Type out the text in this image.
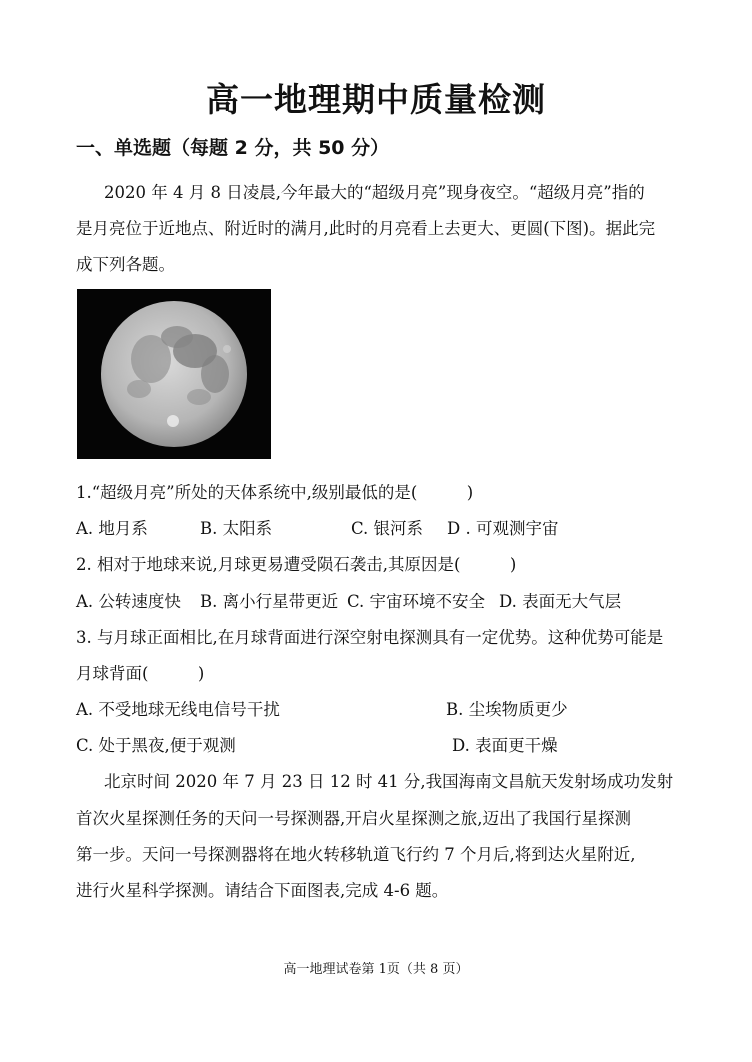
高一地理期中质量检测
一、单选题（每题 2 分，共 50 分）
2020 年 4 月 8 日凌晨,今年最大的“超级月亮”现身夜空。“超级月亮”指的
是月亮位于近地点、附近时的满月,此时的月亮看上去更大、更圆(下图)。据此完
成下列各题。
1.“超级月亮”所处的天体系统中,级别最低的是(　　　)
A. 地月系	B. 太阳系	C. 银河系 D . 可观测宇宙
2. 相对于地球来说,月球更易遭受陨石袭击,其原因是(　　　)
A. 公转速度快 B. 离小行星带更近 C. 宇宙环境不安全 D. 表面无大气层
3. 与月球正面相比,在月球背面进行深空射电探测具有一定优势。这种优势可能是
月球背面(　　　)
A. 不受地球无线电信号干扰	B. 尘埃物质更少
C. 处于黑夜,便于观测	D. 表面更干燥
北京时间 2020 年 7 月 23 日 12 时 41 分,我国海南文昌航天发射场成功发射
首次火星探测任务的天问一号探测器,开启火星探测之旅,迈出了我国行星探测
第一步。天问一号探测器将在地火转移轨道飞行约 7 个月后,将到达火星附近,
进行火星科学探测。请结合下面图表,完成 4-6 题。
高一地理试卷第 1页（共 8 页）
